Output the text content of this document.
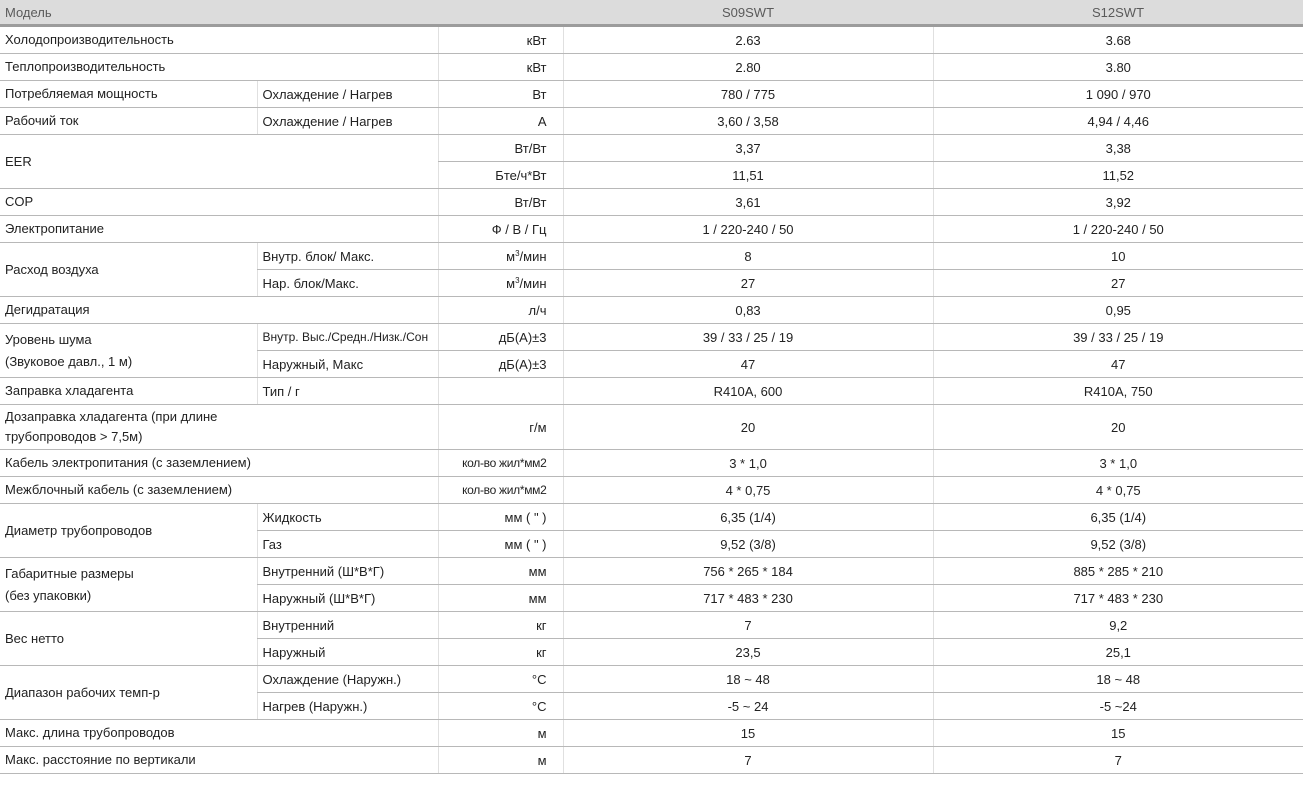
Модель			S09SWT	S12SWT
Холодопроизводительность		кВт	2.63	3.68
Теплопроизводительность		кВт	2.80	3.80
Потребляемая мощность	Охлаждение / Нагрев	Вт	780 / 775	1 090 / 970
Рабочий ток	Охлаждение / Нагрев	А	3,60 / 3,58	4,94 / 4,46
EER		Вт/Вт	3,37	3,38
		Бте/ч*Вт	11,51	11,52
COP		Вт/Вт	3,61	3,92
Электропитание		Ф / В / Гц	1 / 220-240 / 50	1 / 220-240 / 50
Расход воздуха	Внутр. блок/ Макс.	$м^3$/мин	8	10
	Нар. блок/Макс.	$м^3$/мин	27	27
Дегидратация		л/ч	0,83	0,95
Уровень шума
(Звуковое давл., 1 м)	Внутр. Выс./Средн./Низк./Сон	дБ(А)±3	39 / 33 / 25 / 19	39 / 33 / 25 / 19
	Наружный, Макс	дБ(А)±3	47	47
Заправка хладагента	Тип / г		R410A, 600	R410A, 750
Дозаправка хладагента (при длине
трубопроводов > 7,5м)		г/м	20	20
Кабель электропитания (с заземлением)		кол-во жил*мм2	3 * 1,0	3 * 1,0
Межблочный кабель (с заземлением)		кол-во жил*мм2	4 * 0,75	4 * 0,75
Диаметр трубопроводов	Жидкость	мм ( " )	6,35 (1/4)	6,35 (1/4)
	Газ	мм ( " )	9,52 (3/8)	9,52 (3/8)
Габаритные размеры
(без упаковки)	Внутренний (Ш*В*Г)	мм	756 * 265 * 184	885 * 285 * 210
	Наружный (Ш*В*Г)	мм	717 * 483 * 230	717 * 483 * 230
Вес нетто	Внутренний	кг	7	9,2
	Наружный	кг	23,5	25,1
Диапазон рабочих темп-р	Охлаждение (Наружн.)	°С	18 ~ 48	18 ~ 48
	Нагрев (Наружн.)	°С	-5 ~ 24	-5 ~24
Макс. длина трубопроводов		м	15	15
Макс. расстояние по вертикали		м	7	7
